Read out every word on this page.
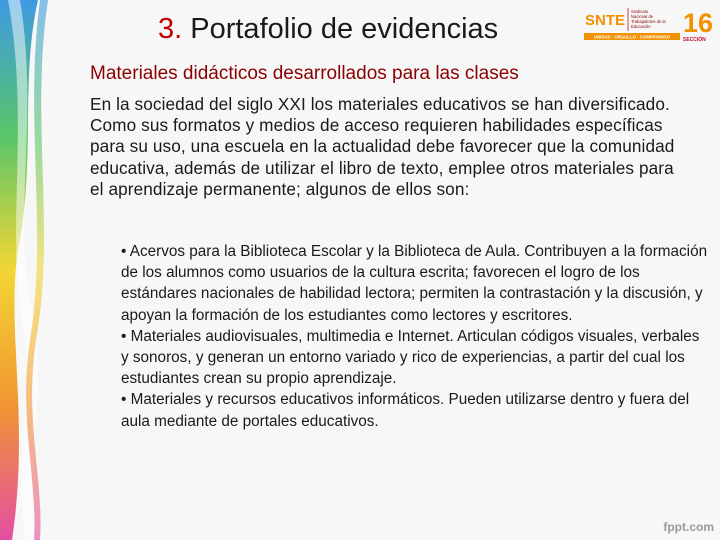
3. Portafolio de evidencias	SNTE
Sindicato Nacional de Trabajadores de la Educación
UNIDAD · ORGULLO · COMPROMISO 16
SECCIÓN
Materiales didácticos desarrollados para las clases

En la sociedad del siglo XXI los materiales educativos se han diversificado. Como sus formatos y medios de acceso requieren habilidades específicas para su uso, una escuela en la actualidad debe favorecer que la comunidad educativa, además de utilizar el libro de texto, emplee otros materiales para el aprendizaje permanente; algunos de ellos son:

• Acervos para la Biblioteca Escolar y la Biblioteca de Aula. Contribuyen a la formación de los alumnos como usuarios de la cultura escrita; favorecen el logro de los estándares nacionales de habilidad lectora; permiten la contrastación y la discusión, y apoyan la formación de los estudiantes como lectores y escritores.
• Materiales audiovisuales, multimedia e Internet. Articulan códigos visuales, verbales y sonoros, y generan un entorno variado y rico de experiencias, a partir del cual los estudiantes crean su propio aprendizaje.
• Materiales y recursos educativos informáticos. Pueden utilizarse dentro y fuera del aula mediante de portales educativos.
fppt.com
